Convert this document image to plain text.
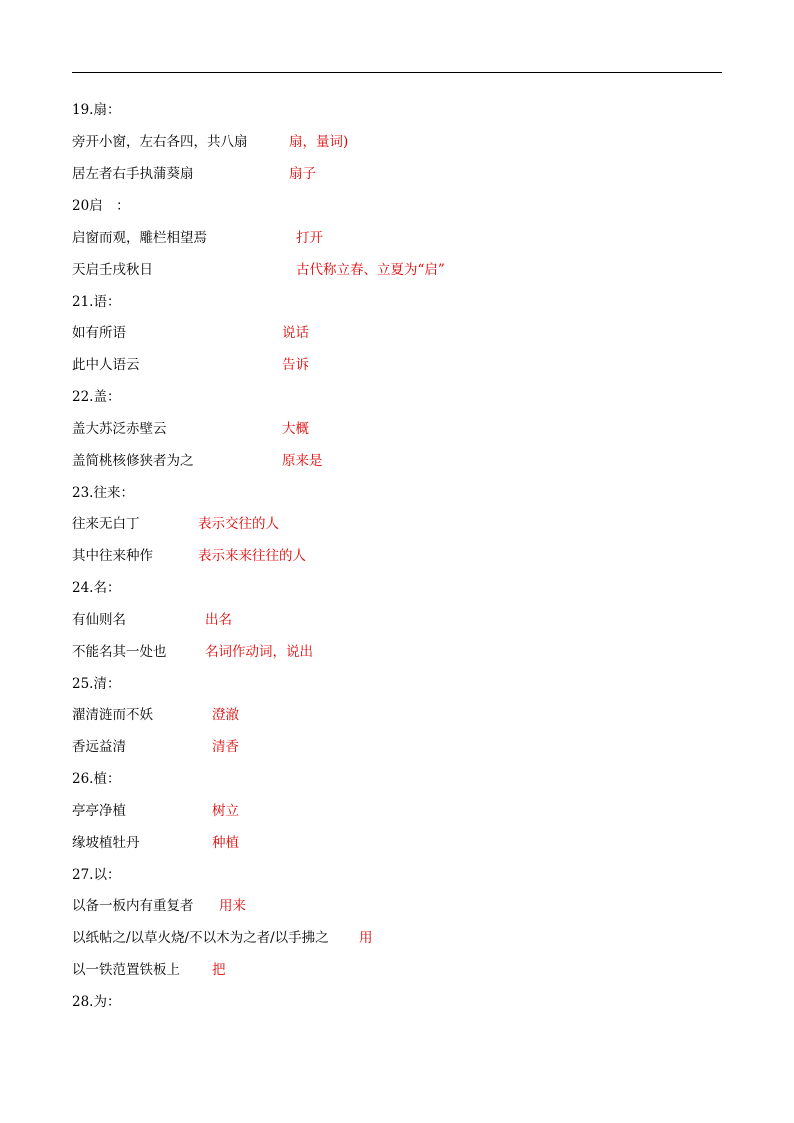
19.扇：
旁开小窗，左右各四，共八扇	扇，量词)
居左者右手执蒲葵扇	扇子
20启　：
启窗而观，雕栏相望焉	打开
天启壬戌秋日	古代称立春、立夏为“启”
21.语：
如有所语	说话
此中人语云	告诉
22.盖：
盖大苏泛赤壁云	大概
盖简桃核修狭者为之	原来是
23.往来：
往来无白丁	表示交往的人
其中往来种作	表示来来往往的人
24.名：
有仙则名	出名
不能名其一处也	名词作动词，说出
25.清：
濯清涟而不妖	澄澈
香远益清	清香
26.植：
亭亭净植	树立
缘坡植牡丹	种植
27.以：
以备一板内有重复者 用来
以纸帖之/以草火烧/不以木为之者/以手拂之 用
以一铁范置铁板上 把
28.为：
